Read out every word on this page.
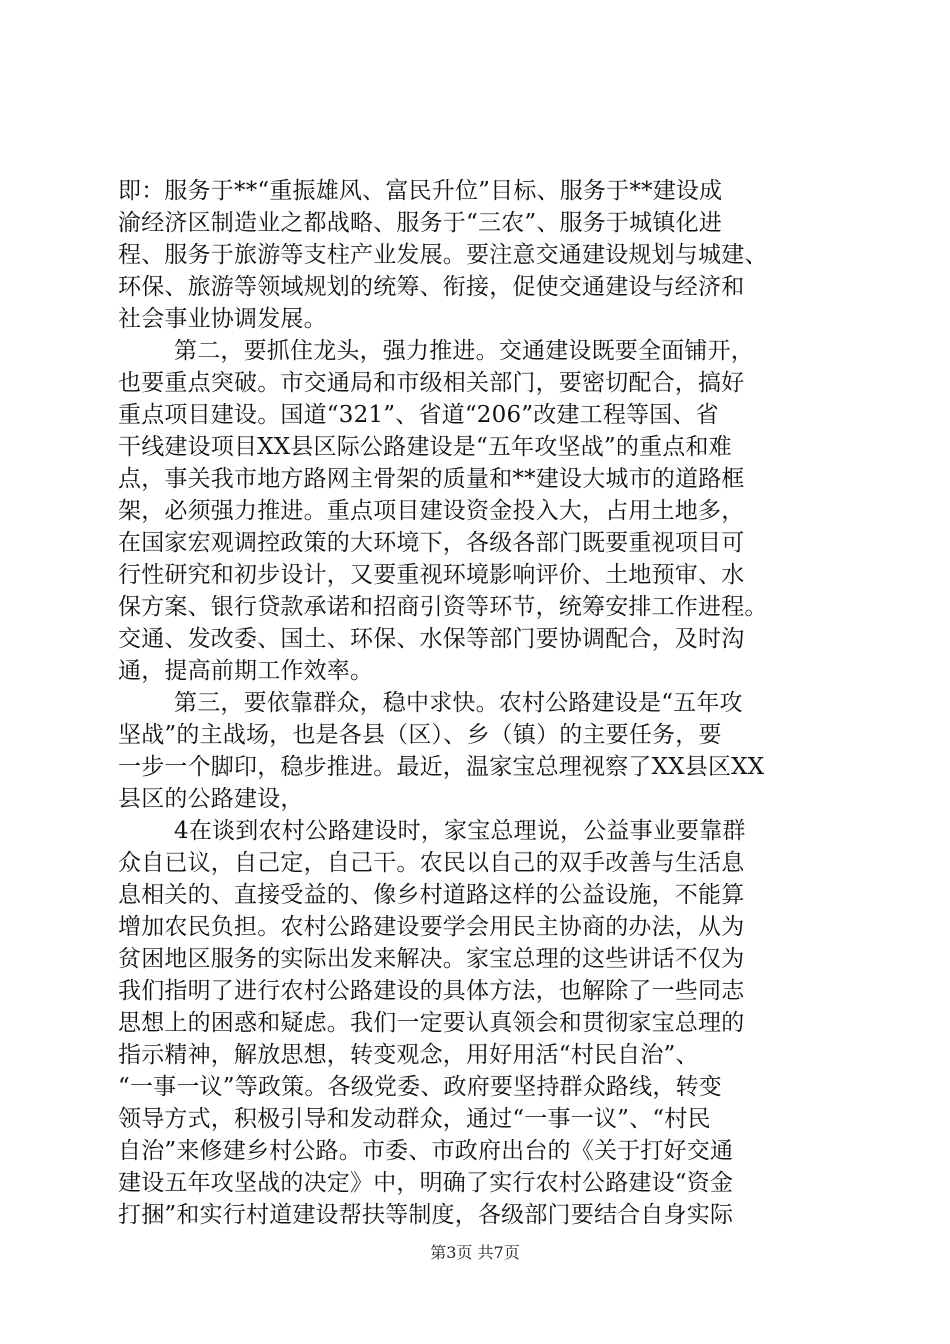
即：服务于**“重振雄风、富民升位”目标、服务于**建设成
渝经济区制造业之都战略、服务于“三农”、服务于城镇化进
程、服务于旅游等支柱产业发展。要注意交通建设规划与城建、
环保、旅游等领域规划的统筹、衔接，促使交通建设与经济和
社会事业协调发展。
第二，要抓住龙头，强力推进。交通建设既要全面铺开，
也要重点突破。市交通局和市级相关部门，要密切配合，搞好
重点项目建设。国道“321”、省道“206”改建工程等国、省
干线建设项目XX县区际公路建设是“五年攻坚战”的重点和难
点，事关我市地方路网主骨架的质量和**建设大城市的道路框
架，必须强力推进。重点项目建设资金投入大，占用土地多，
在国家宏观调控政策的大环境下，各级各部门既要重视项目可
行性研究和初步设计，又要重视环境影响评价、土地预审、水
保方案、银行贷款承诺和招商引资等环节，统筹安排工作进程。
交通、发改委、国土、环保、水保等部门要协调配合，及时沟
通，提高前期工作效率。
第三，要依靠群众，稳中求快。农村公路建设是“五年攻
坚战”的主战场，也是各县（区）、乡（镇）的主要任务，要
一步一个脚印，稳步推进。最近，温家宝总理视察了XX县区XX
县区的公路建设，
4在谈到农村公路建设时，家宝总理说，公益事业要靠群
众自已议，自己定，自己干。农民以自己的双手改善与生活息
息相关的、直接受益的、像乡村道路这样的公益设施，不能算
增加农民负担。农村公路建设要学会用民主协商的办法，从为
贫困地区服务的实际出发来解决。家宝总理的这些讲话不仅为
我们指明了进行农村公路建设的具体方法，也解除了一些同志
思想上的困惑和疑虑。我们一定要认真领会和贯彻家宝总理的
指示精神，解放思想，转变观念，用好用活“村民自治”、
“一事一议”等政策。各级党委、政府要坚持群众路线，转变
领导方式，积极引导和发动群众，通过“一事一议”、“村民
自治”来修建乡村公路。市委、市政府出台的《关于打好交通
建设五年攻坚战的决定》中，明确了实行农村公路建设“资金
打捆”和实行村道建设帮扶等制度，各级部门要结合自身实际
第3页 共7页
